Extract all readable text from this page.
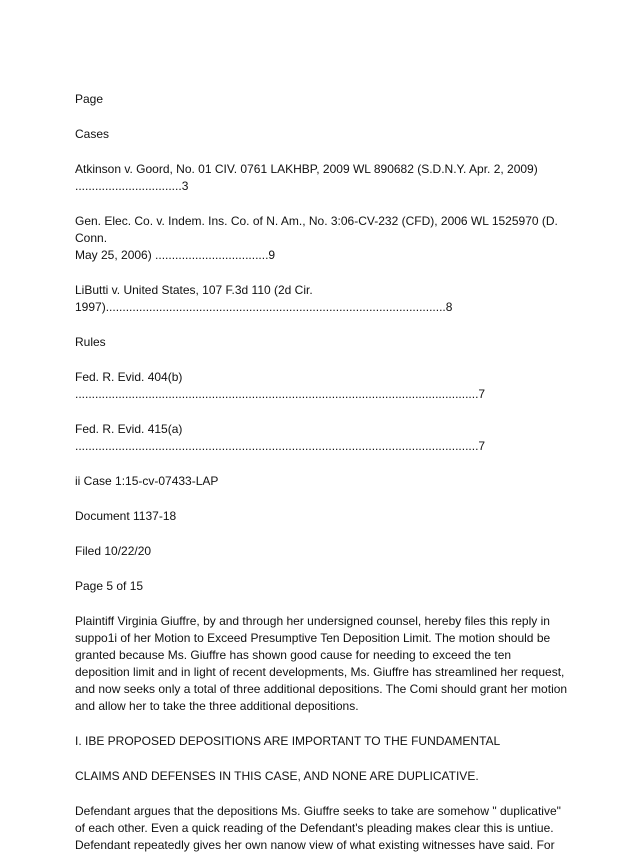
Page

Cases

Atkinson v. Goord, No. 01 CIV. 0761 LAKHBP, 2009 WL 890682 (S.D.N.Y. Apr. 2, 2009)
................................3
Gen. Elec. Co. v. Indem. Ins. Co. of N. Am., No. 3:06-CV-232 (CFD), 2006 WL 1525970 (D. Conn.
May 25, 2006) ..................................9
LiButti v. United States, 107 F.3d 110 (2d Cir.
1997)......................................................................................................8

Rules

Fed. R. Evid. 404(b)
.........................................................................................................................7
Fed. R. Evid. 415(a)
.........................................................................................................................7

ii Case 1:15-cv-07433-LAP

Document 1137-18

Filed 10/22/20

Page 5 of 15

Plaintiff Virginia Giuffre, by and through her undersigned counsel, hereby files this reply in suppo1i of her Motion to Exceed Presumptive Ten Deposition Limit. The motion should be granted because Ms. Giuffre has shown good cause for needing to exceed the ten deposition limit and in light of recent developments, Ms. Giuffre has streamlined her request, and now seeks only a total of three additional depositions. The Comi should grant her motion and allow her to take the three additional depositions.

I. IBE PROPOSED DEPOSITIONS ARE IMPORTANT TO THE FUNDAMENTAL

CLAIMS AND DEFENSES IN THIS CASE, AND NONE ARE DUPLICATIVE.

Defendant argues that the depositions Ms. Giuffre seeks to take are somehow " duplicative" of each other. Even a quick reading of the Defendant's pleading makes clear this is untiue. Defendant repeatedly gives her own nanow view of what existing witnesses have said. For
